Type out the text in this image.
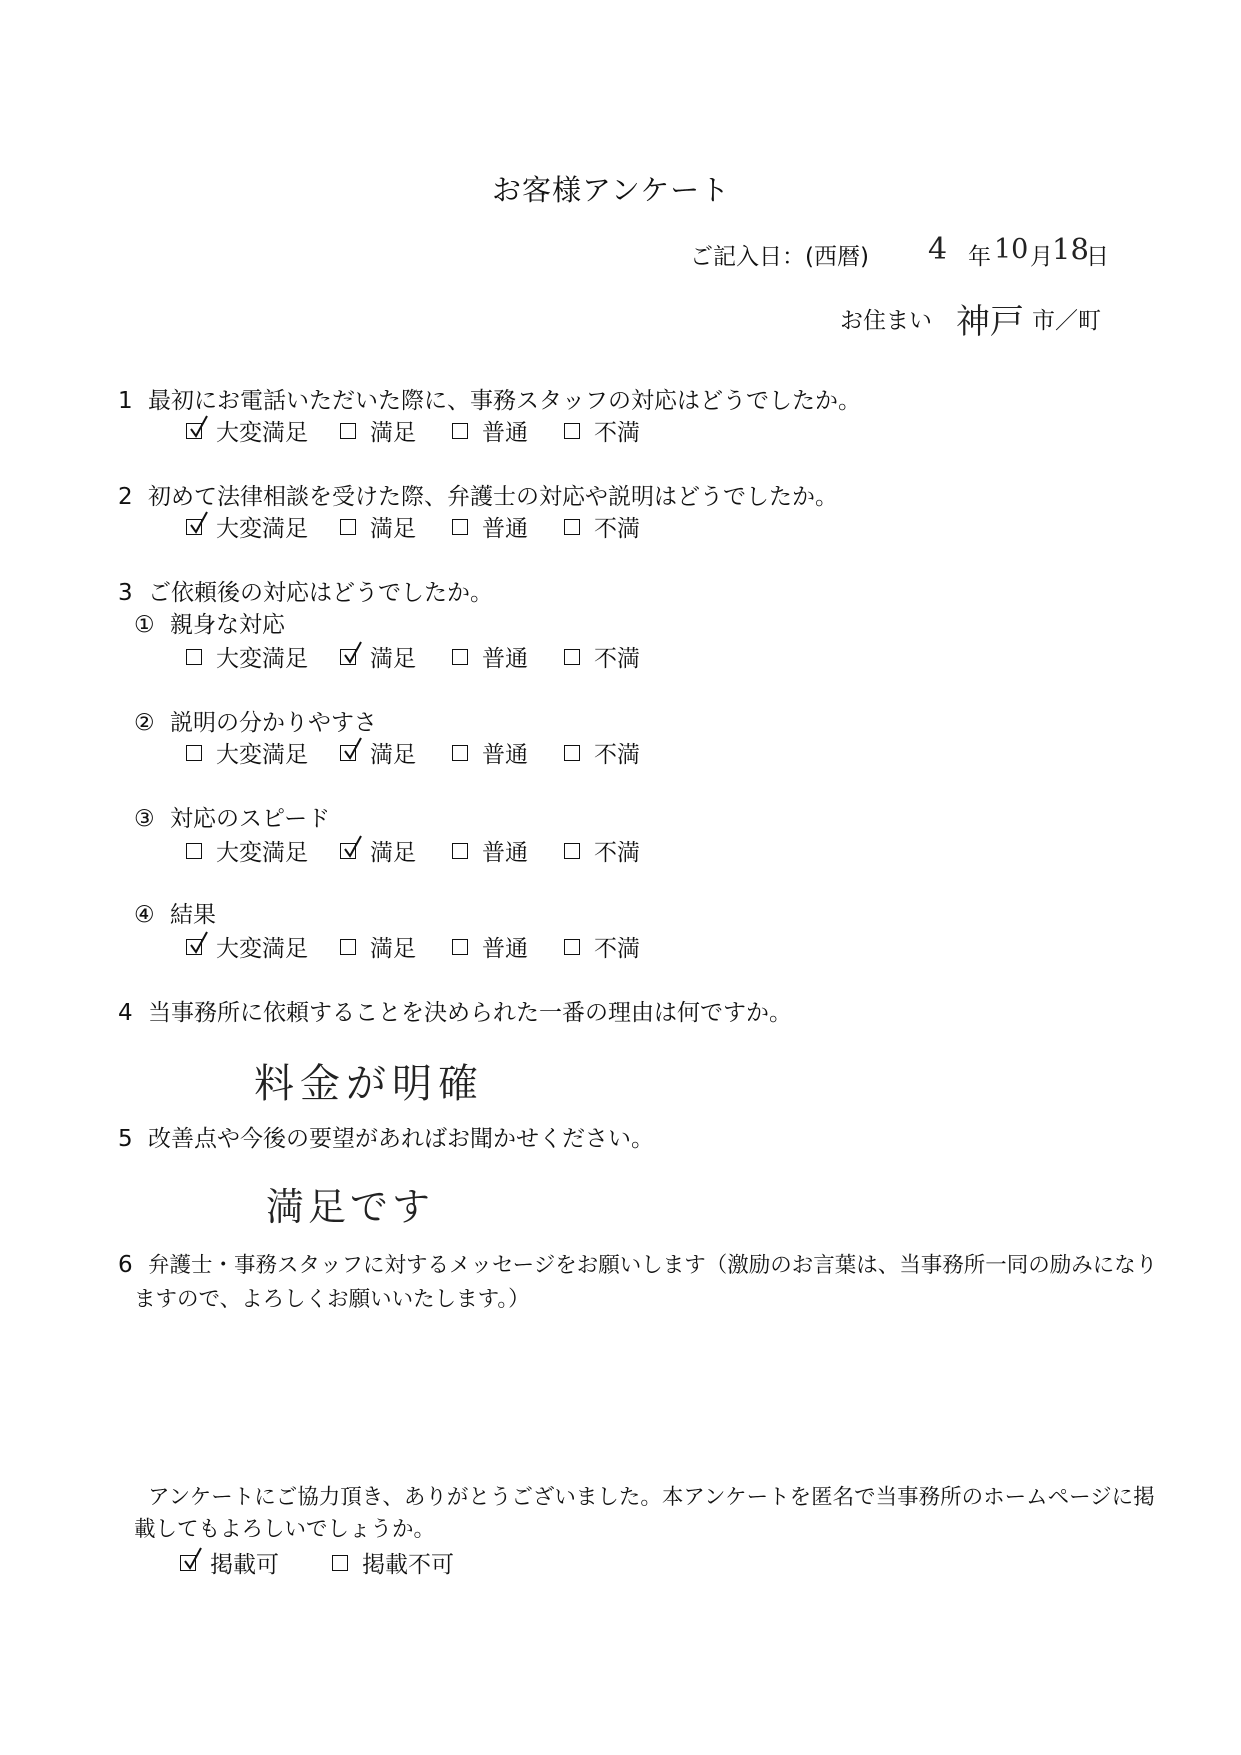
お客様アンケート
ご記入日：(西暦) 4 年 10 月 18
日
お住まい 神戸 市／町
1 最初にお電話いただいた際に、事務スタッフの対応はどうでしたか。
大変満足	満足	普通	不満
2 初めて法律相談を受けた際、弁護士の対応や説明はどうでしたか。
大変満足	満足	普通	不満
3 ご依頼後の対応はどうでしたか。
① 親身な対応
大変満足	満足	普通	不満
② 説明の分かりやすさ
大変満足	満足	普通	不満
③ 対応のスピード
大変満足	満足	普通	不満
④ 結果
大変満足	満足	普通	不満
4 当事務所に依頼することを決められた一番の理由は何ですか。
料金が明確
5 改善点や今後の要望があればお聞かせください。
満足です
6 弁護士・事務スタッフに対するメッセージをお願いします（激励のお言葉は、当事務所一同の励みになり
ますので、よろしくお願いいたします。）
アンケートにご協力頂き、ありがとうございました。本アンケートを匿名で当事務所のホームページに掲
載してもよろしいでしょうか。
掲載可	掲載不可
